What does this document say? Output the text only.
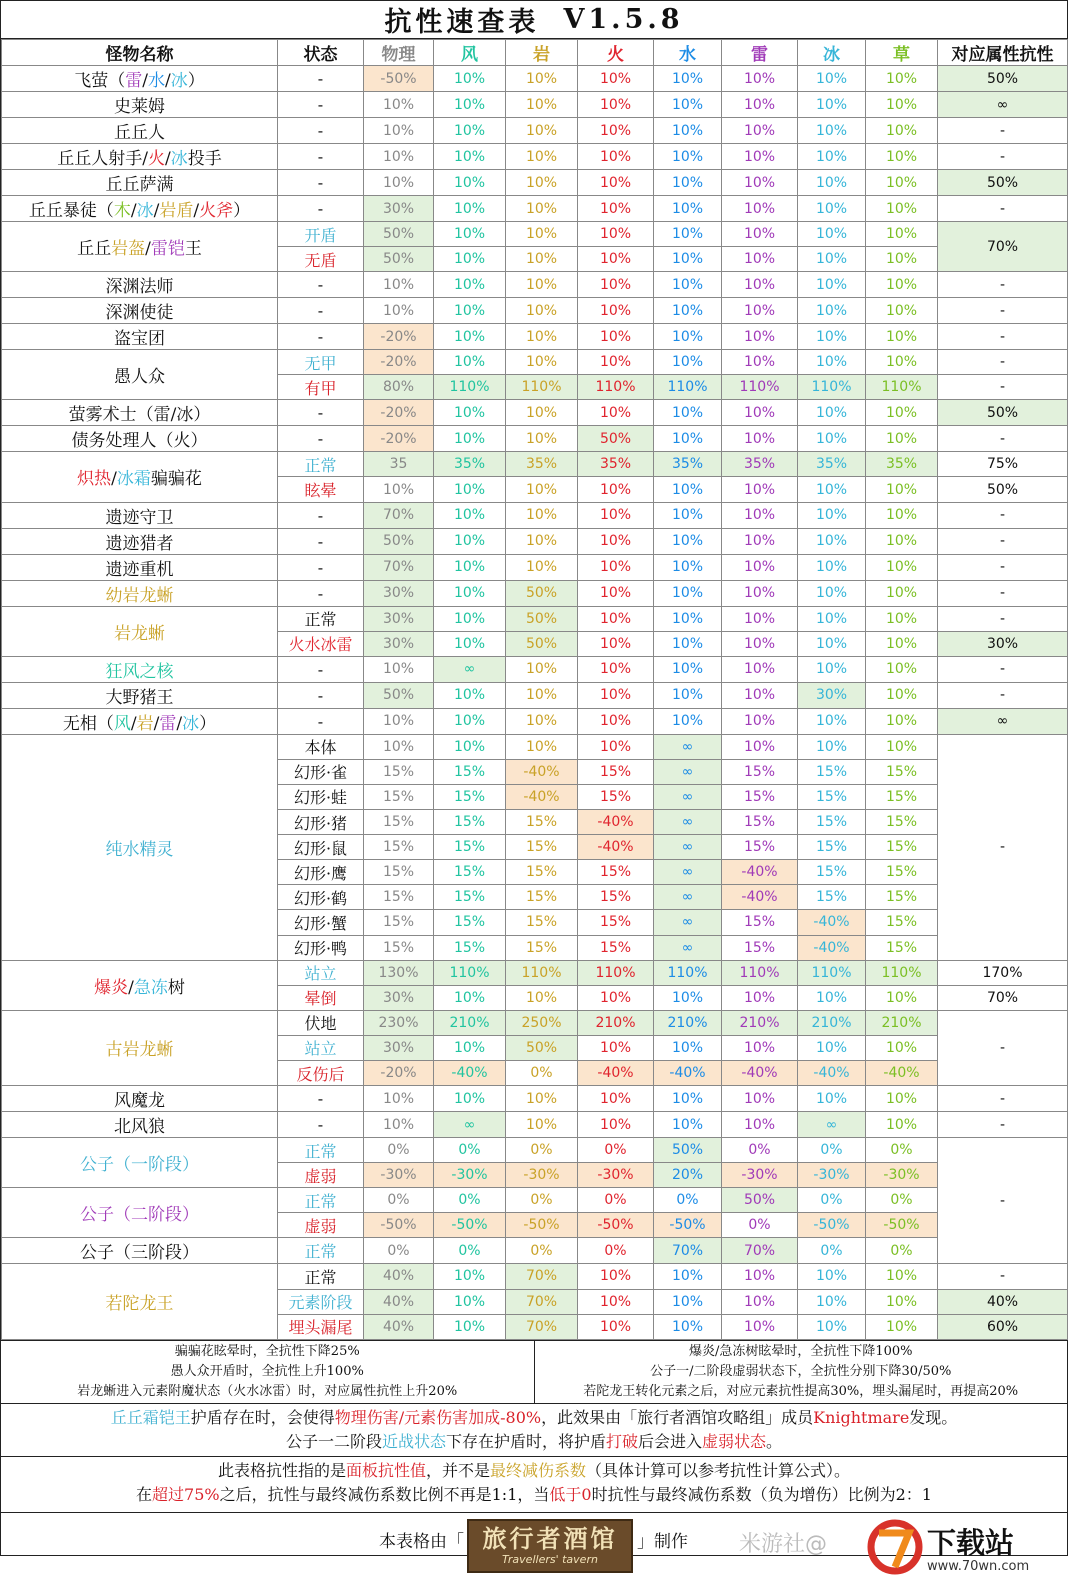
抗性速查表 V1.5.8
怪物名称	状态	物理	风	岩	火	水	雷	冰	草	对应属性抗性
飞萤（雷/水/冰）	-	-50%	10%	10%	10%	10%	10%	10%	10%	50%
史莱姆	-	10%	10%	10%	10%	10%	10%	10%	10%	∞
丘丘人	-	10%	10%	10%	10%	10%	10%	10%	10%	-
丘丘人射手/火/冰投手	-	10%	10%	10%	10%	10%	10%	10%	10%	-
丘丘萨满	-	10%	10%	10%	10%	10%	10%	10%	10%	50%
丘丘暴徒（木/冰/岩盾/火斧）	-	30%	10%	10%	10%	10%	10%	10%	10%	-
丘丘岩盔/雷铠王	开盾	50%	10%	10%	10%	10%	10%	10%	10%	70%
	无盾	50%	10%	10%	10%	10%	10%	10%	10%	
深渊法师	-	10%	10%	10%	10%	10%	10%	10%	10%	-
深渊使徒	-	10%	10%	10%	10%	10%	10%	10%	10%	-
盗宝团	-	-20%	10%	10%	10%	10%	10%	10%	10%	-
愚人众	无甲	-20%	10%	10%	10%	10%	10%	10%	10%	-
	有甲	80%	110%	110%	110%	110%	110%	110%	110%	-
萤雾术士（雷/冰）	-	-20%	10%	10%	10%	10%	10%	10%	10%	50%
债务处理人（火）	-	-20%	10%	10%	50%	10%	10%	10%	10%	-
炽热/冰霜骗骗花	正常	35	35%	35%	35%	35%	35%	35%	35%	75%
	眩晕	10%	10%	10%	10%	10%	10%	10%	10%	50%
遗迹守卫	-	70%	10%	10%	10%	10%	10%	10%	10%	-
遗迹猎者	-	50%	10%	10%	10%	10%	10%	10%	10%	-
遗迹重机	-	70%	10%	10%	10%	10%	10%	10%	10%	-
幼岩龙蜥	-	30%	10%	50%	10%	10%	10%	10%	10%	-
岩龙蜥	正常	30%	10%	50%	10%	10%	10%	10%	10%	-
	火水冰雷	30%	10%	50%	10%	10%	10%	10%	10%	30%
狂风之核	-	10%	∞	10%	10%	10%	10%	10%	10%	-
大野猪王	-	50%	10%	10%	10%	10%	10%	30%	10%	-
无相（风/岩/雷/冰）	-	10%	10%	10%	10%	10%	10%	10%	10%	∞
纯水精灵	本体	10%	10%	10%	10%	∞	10%	10%	10%	-
	幻形·雀	15%	15%	-40%	15%	∞	15%	15%	15%	
	幻形·蛙	15%	15%	-40%	15%	∞	15%	15%	15%	
	幻形·猪	15%	15%	15%	-40%	∞	15%	15%	15%	
	幻形·鼠	15%	15%	15%	-40%	∞	15%	15%	15%	
	幻形·鹰	15%	15%	15%	15%	∞	-40%	15%	15%	
	幻形·鹤	15%	15%	15%	15%	∞	-40%	15%	15%	
	幻形·蟹	15%	15%	15%	15%	∞	15%	-40%	15%	
	幻形·鸭	15%	15%	15%	15%	∞	15%	-40%	15%	
爆炎/急冻树	站立	130%	110%	110%	110%	110%	110%	110%	110%	170%
	晕倒	30%	10%	10%	10%	10%	10%	10%	10%	70%
古岩龙蜥	伏地	230%	210%	250%	210%	210%	210%	210%	210%	-
	站立	30%	10%	50%	10%	10%	10%	10%	10%	
	反伤后	-20%	-40%	0%	-40%	-40%	-40%	-40%	-40%	
风魔龙	-	10%	10%	10%	10%	10%	10%	10%	10%	-
北风狼	-	10%	∞	10%	10%	10%	10%	∞	10%	-
公子（一阶段）	正常	0%	0%	0%	0%	50%	0%	0%	0%	-
	虚弱	-30%	-30%	-30%	-30%	20%	-30%	-30%	-30%	
公子（二阶段）	正常	0%	0%	0%	0%	0%	50%	0%	0%	
	虚弱	-50%	-50%	-50%	-50%	-50%	0%	-50%	-50%	
公子（三阶段）	正常	0%	0%	0%	0%	70%	70%	0%	0%	
若陀龙王	正常	40%	10%	70%	10%	10%	10%	10%	10%	-
	元素阶段	40%	10%	70%	10%	10%	10%	10%	10%	40%
	埋头漏尾	40%	10%	70%	10%	10%	10%	10%	10%	60%
骗骗花眩晕时，全抗性下降25%
愚人众开盾时，全抗性上升100%
岩龙蜥进入元素附魔状态（火水冰雷）时，对应属性抗性上升20%
爆炎/急冻树眩晕时，全抗性下降100%
公子一/二阶段虚弱状态下，全抗性分别下降30/50%
若陀龙王转化元素之后，对应元素抗性提高30%，埋头漏尾时，再提高20%
丘丘霜铠王护盾存在时，会使得物理伤害/元素伤害加成-80%，此效果由「旅行者酒馆攻略组」成员Knightmare发现。
公子一二阶段近战状态下存在护盾时，将护盾打破后会进入虚弱状态。
此表格抗性指的是面板抗性值，并不是最终减伤系数（具体计算可以参考抗性计算公式）。
在超过75%之后，抗性与最终减伤系数比例不再是1:1，当低于0时抗性与最终减伤系数（负为增伤）比例为2：1
本表格由「 旅行者酒馆
Travellers' tavern
」制作 米游社@	下载站
www.70wn.com
